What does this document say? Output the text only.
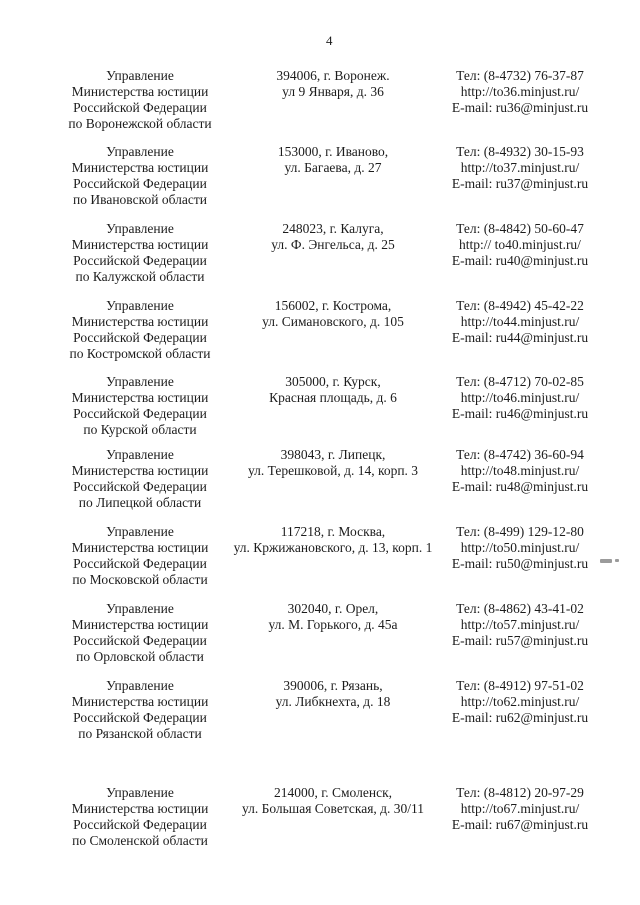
4
Управление
Министерства юстиции
Российской Федерации
по Воронежской области
394006, г. Воронеж.
ул 9 Января, д. 36
Тел: (8-4732) 76-37-87
http://to36.minjust.ru/
E-mail: ru36@minjust.ru
Управление
Министерства юстиции
Российской Федерации
по Ивановской области
153000, г. Иваново,
ул. Багаева, д. 27
Тел: (8-4932) 30-15-93
http://to37.minjust.ru/
E-mail: ru37@minjust.ru
Управление
Министерства юстиции
Российской Федерации
по Калужской области
248023, г. Калуга,
ул. Ф. Энгельса, д. 25
Тел: (8-4842) 50-60-47
http:// to40.minjust.ru/
E-mail: ru40@minjust.ru
Управление
Министерства юстиции
Российской Федерации
по Костромской области
156002, г. Кострома,
ул. Симановского, д. 105
Тел: (8-4942) 45-42-22
http://to44.minjust.ru/
E-mail: ru44@minjust.ru
Управление
Министерства юстиции
Российской Федерации
по Курской области
305000, г. Курск,
Красная площадь, д. 6
Тел: (8-4712) 70-02-85
http://to46.minjust.ru/
E-mail: ru46@minjust.ru
Управление
Министерства юстиции
Российской Федерации
по Липецкой области
398043, г. Липецк,
ул. Терешковой, д. 14, корп. 3
Тел: (8-4742) 36-60-94
http://to48.minjust.ru/
E-mail: ru48@minjust.ru
Управление
Министерства юстиции
Российской Федерации
по Московской области
117218, г. Москва,
ул. Кржижановского, д. 13, корп. 1
Тел: (8-499) 129-12-80
http://to50.minjust.ru/
E-mail: ru50@minjust.ru
Управление
Министерства юстиции
Российской Федерации
по Орловской области
302040, г. Орел,
ул. М. Горького, д. 45а
Тел: (8-4862) 43-41-02
http://to57.minjust.ru/
E-mail: ru57@minjust.ru
Управление
Министерства юстиции
Российской Федерации
по Рязанской области
390006, г. Рязань,
ул. Либкнехта, д. 18
Тел: (8-4912) 97-51-02
http://to62.minjust.ru/
E-mail: ru62@minjust.ru
Управление
Министерства юстиции
Российской Федерации
по Смоленской области
214000, г. Смоленск,
ул. Большая Советская, д. 30/11
Тел: (8-4812) 20-97-29
http://to67.minjust.ru/
E-mail: ru67@minjust.ru
